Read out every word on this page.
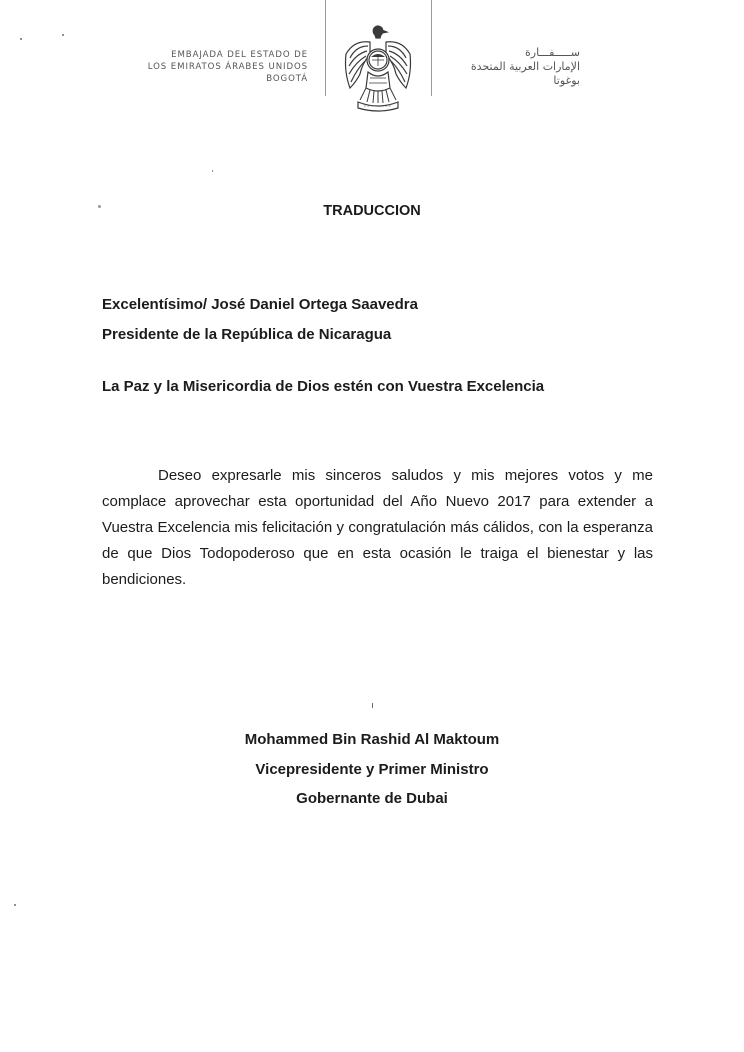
EMBAJADA DEL ESTADO DE
LOS EMIRATOS ÁRABES UNIDOS
BOGOTÁ
ســـــفـــارة
الإمارات العربية المتحدة
بوغوتا
TRADUCCION
Excelentísimo/ José Daniel Ortega Saavedra
Presidente de la República de Nicaragua
La Paz y la Misericordia de Dios estén con Vuestra Excelencia
Deseo expresarle mis sinceros saludos y mis mejores votos y me complace aprovechar esta oportunidad del Año Nuevo 2017 para extender a Vuestra Excelencia mis felicitación y congratulación más cálidos, con la esperanza de que Dios Todopoderoso que en esta ocasión le traiga el bienestar y las bendiciones.
Mohammed Bin Rashid Al Maktoum
Vicepresidente y Primer Ministro
Gobernante de Dubai
